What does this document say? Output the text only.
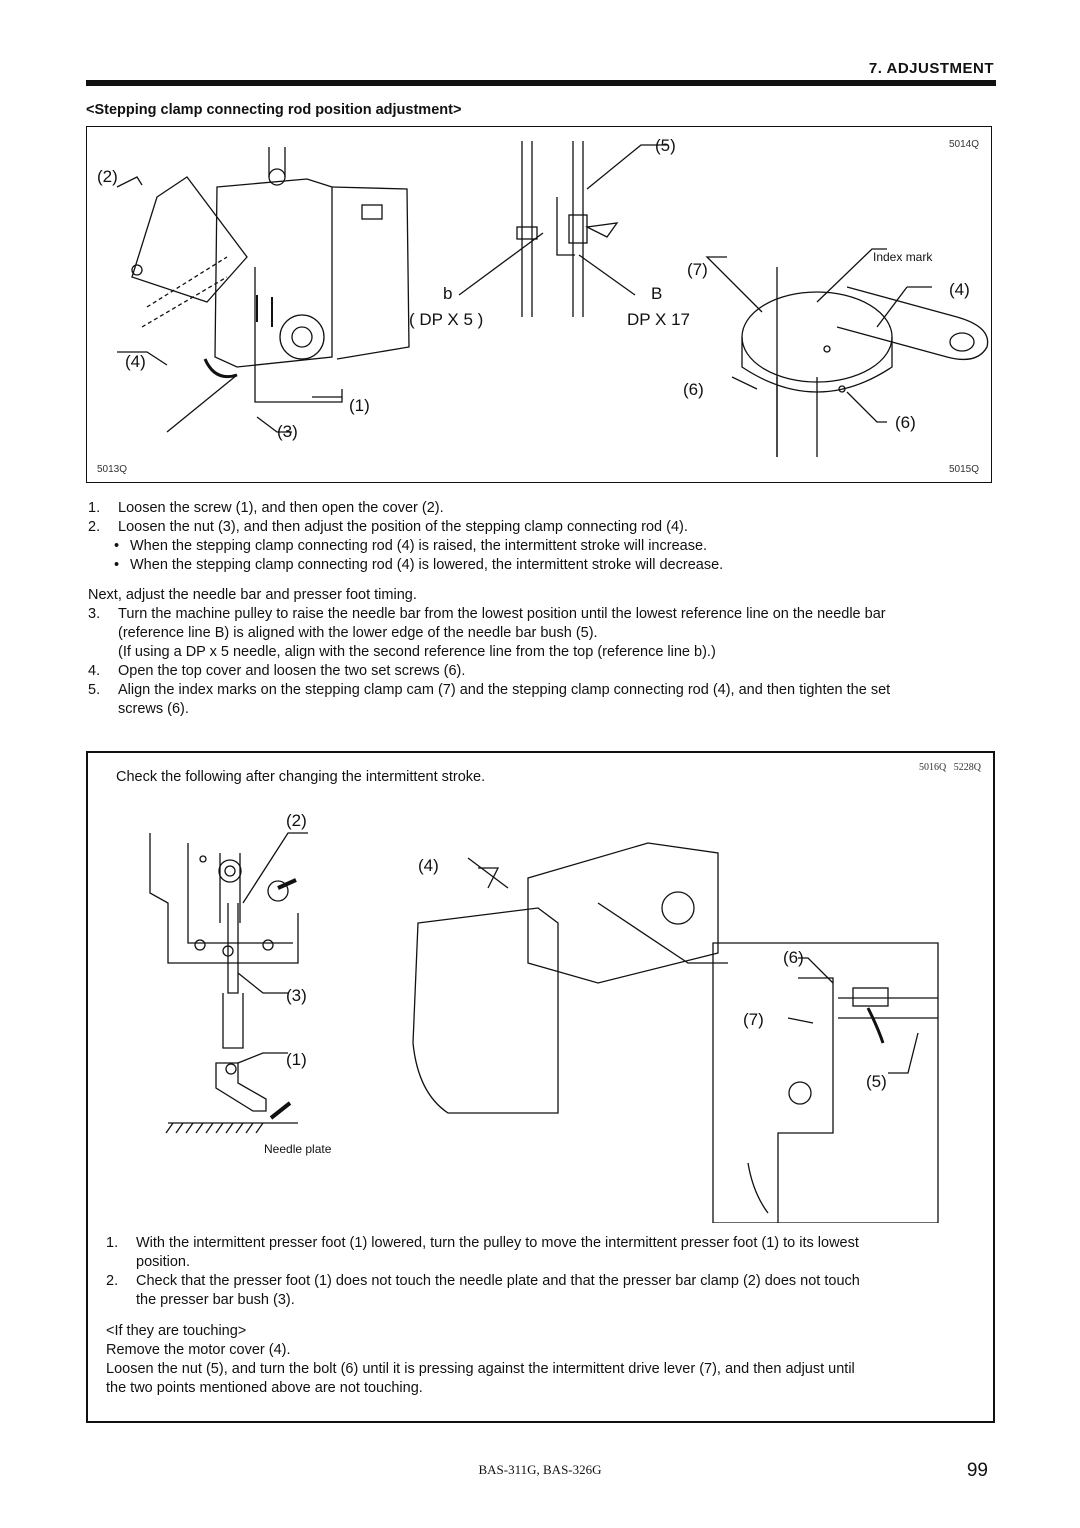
7. ADJUSTMENT
<Stepping clamp connecting rod position adjustment>
(2)
(4)
(1)
(3)
(5)
(7)
(4)
(6)
(6)
b	B
( DP X 5 )	DP X 17
Index mark
5013Q
5014Q
5015Q
1. Loosen the screw (1), and then open the cover (2).
2. Loosen the nut (3), and then adjust the position of the stepping clamp connecting rod (4).
• When the stepping clamp connecting rod (4) is raised, the intermittent stroke will increase.
• When the stepping clamp connecting rod (4) is lowered, the intermittent stroke will decrease.
Next, adjust the needle bar and presser foot timing.
3. Turn the machine pulley to raise the needle bar from the lowest position until the lowest reference line on the needle bar
(reference line B) is aligned with the lower edge of the needle bar bush (5).
(If using a DP x 5 needle, align with the second reference line from the top (reference line b).)
4. Open the top cover and loosen the two set screws (6).
5. Align the index marks on the stepping clamp cam (7) and the stepping clamp connecting rod (4), and then tighten the set
screws (6).
Check the following after changing the intermittent stroke.
5016Q   5228Q
(2)
(3)
(1)
(4)
(6)
(7)
(5)
Needle plate
1. With the intermittent presser foot (1) lowered, turn the pulley to move the intermittent presser foot (1) to its lowest
position.
2. Check that the presser foot (1) does not touch the needle plate and that the presser bar clamp (2) does not touch
the presser bar bush (3).
<If they are touching>
Remove the motor cover (4).
Loosen the nut (5), and turn the bolt (6) until it is pressing against the intermittent drive lever (7), and then adjust until
the two points mentioned above are not touching.
BAS-311G, BAS-326G	99
